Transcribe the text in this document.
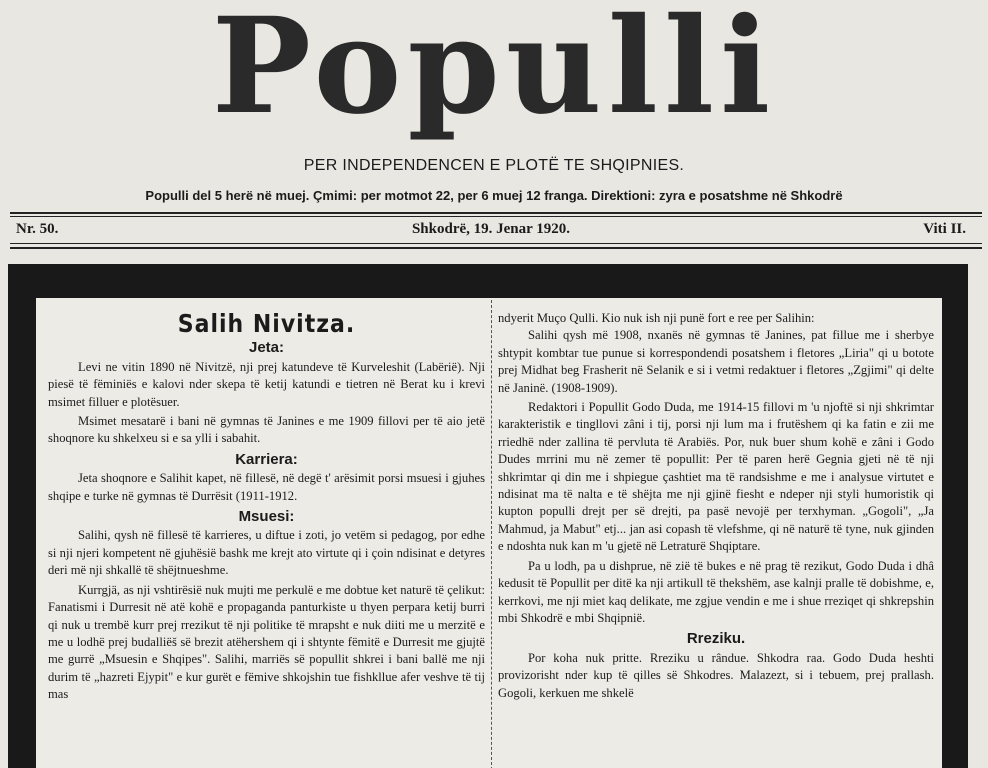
Populli
PER INDEPENDENCEN E PLOTË TE SHQIPNIES.
Populli del 5 herë në muej. Çmimi: per motmot 22, per 6 muej 12 franga. Direktioni: zyra e posatshme në Shkodrë
Nr. 50.	Shkodrë, 19. Jenar 1920.	Viti II.
Salih Nivitza.
Jeta:

Levi ne vitin 1890 në Nivitzë, nji prej katundeve të Kurveleshit (Labërië). Nji piesë të fëminiës e kalovi nder skepa të ketij katundi e tietren në Berat ku i krevi msimet filluer e plotësuer.

Msimet mesatarë i bani në gymnas të Janines e me 1909 fillovi per të aio jetë shoqnore ku shkelxeu si e sa ylli i sabahit.

Karriera:

Jeta shoqnore e Salihit kapet, në fillesë, në degë t' arësimit porsi msuesi i gjuhes shqipe e turke në gymnas të Durrësit (1911-1912.

Msuesi:

Salihi, qysh në fillesë të karrieres, u diftue i zoti, jo vetëm si pedagog, por edhe si nji njeri kompetent në gjuhësië bashk me krejt ato virtute qi i çoin ndisinat e detyres deri më nji shkallë të shëjtnueshme.

Kurrgjä, as nji vshtirësië nuk mujti me perkulë e me dobtue ket naturë të çelikut: Fanatismi i Durresit në atë kohë e propaganda panturkiste u thyen perpara ketij burri qi nuk u trembë kurr prej rrezikut të nji politike të mrapsht e nuk diiti me u merzitë e me u lodhë prej budalliëš së brezit atëhershem qi i shtynte fëmitë e Durresit me gjujtë me gurrë „Msuesin e Shqipes". Salihi, marriës së popullit shkrei i bani ballë me nji durim të „hazreti Ejypit" e kur gurët e fëmive shkojshin tue fishkllue afer veshve të tij mas

ndyerit Muço Qulli. Kio nuk ish nji punë fort e ree per Salihin:

Salihi qysh më 1908, nxanës në gymnas të Janines, pat fillue me i sherbye shtypit kombtar tue punue si korrespondendi posatshem i fletores „Liria" qi u botote prej Midhat beg Frasherit në Selanik e si i vetmi redaktuer i fletores „Zgjimi" qi delte në Janinë. (1908-1909).

Redaktori i Popullit Godo Duda, me 1914-15 fillovi m 'u njoftë si nji shkrimtar karakteristik e tingllovi zâni i tij, porsi nji lum ma i frutëshem qi ka fatin e zii me rriedhë nder zallina të pervluta të Arabiës. Por, nuk buer shum kohë e zâni i Godo Dudes mrrini mu në zemer të popullit: Per të paren herë Gegnia gjeti në të nji shkrimtar qi din me i shpiegue çashtiet ma të randsishme e me i analysue virtutet e ndisinat ma të nalta e të shëjta me nji gjinë fiesht e ndeper nji styli humoristik qi kupton populli drejt per së drejti, pa pasë nevojë per terxhyman. „Gogoli", „Ja Mahmud, ja Mabut" etj... jan asi copash të vlefshme, qi në naturë të tyne, nuk gjinden e ndoshta nuk kan m 'u gjetë në Letraturë Shqiptare.

Pa u lodh, pa u dishprue, në zië të bukes e në prag të rezikut, Godo Duda i dhâ kedusit të Popullit per ditë ka nji artikull të thekshëm, ase kalnji pralle të dobishme, e, kerrkovi, me nji miet kaq delikate, me zgjue vendin e me i shue rreziqet qi shkrepshin mbi Shkodrë e mbi Shqipnië.

Rreziku.

Por koha nuk pritte. Rreziku u rândue. Shkodra raa. Godo Duda heshti provizorisht nder kup të qilles së Shkodres. Malazezt, si i tebuem, prej prallash. Gogoli, kerkuen me shkelë
